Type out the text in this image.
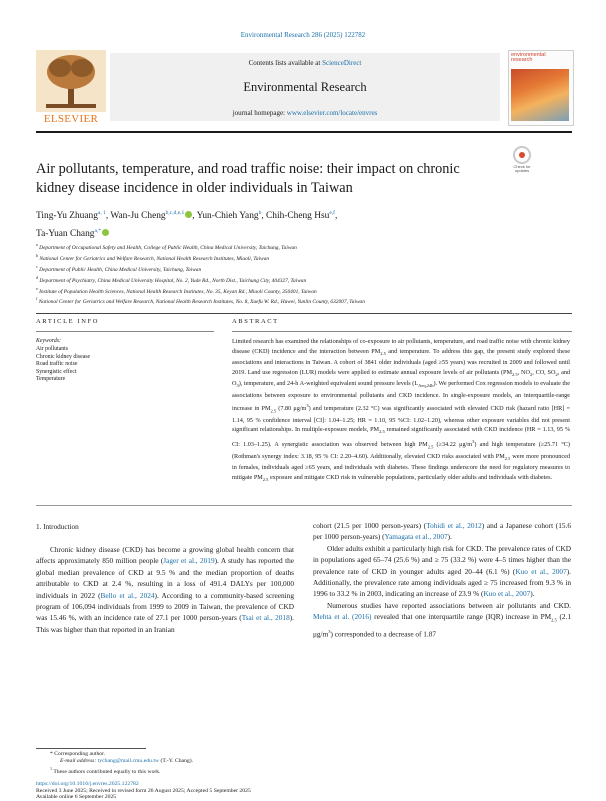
Environmental Research 286 (2025) 122782
ELSEVIER
Contents lists available at ScienceDirect
Environmental Research
journal homepage: www.elsevier.com/locate/envres
environmental
research
Check for updates
Air pollutants, temperature, and road traffic noise: their impact on chronic
kidney disease incidence in older individuals in Taiwan
Ting-Yu Zhuang$^{a, 1}$, Wan-Ju Cheng$^{b,c,d,e,1}$ , Yun-Chieh Yang$^b$, Chih-Cheng Hsu$^{e,f}$,
Ta-Yuan Chang$^{a,*}$
$^a$ Department of Occupational Safety and Health, College of Public Health, China Medical University, Taichung, Taiwan
$^b$ National Center for Geriatrics and Welfare Research, National Health Research Institutes, Miaoli, Taiwan
$^c$ Department of Public Health, China Medical University, Taichung, Taiwan
$^d$ Department of Psychiatry, China Medical University Hospital, No. 2, Yude Rd., North Dist., Taichung City, 404327, Taiwan
$^e$ Institute of Population Health Sciences, National Health Research Institutes, No. 35, Keyan Rd., Miaoli County, 350401, Taiwan
$^f$ National Center for Geriatrics and Welfare Research, National Health Research Institutes, No. 8, Xuefu W. Rd., Huwei, Yunlin County, 632007, Taiwan
ARTICLE INFO	ABSTRACT
Keywords:
Air pollutants
Chronic kidney disease
Road traffic noise
Synergistic effect
Temperature
Limited research has examined the relationships of co-exposure to air pollutants, temperature, and road traffic noise with chronic kidney disease (CKD) incidence and the interaction between $PM_{2.5}$ and temperature. To address this gap, the present study explored these associations and interactions in Taiwan. A cohort of 3841 older individuals (aged ≥55 years) was recruited in 2009 and followed until 2019. Land use regression (LUR) models were applied to estimate annual exposure levels of air pollutants ($PM_{2.5}$, $NO_2$, CO, $SO_2$, and $O_3$), temperature, and 24-h A-weighted equivalent sound pressure levels $(L_{Aeq,24h})$. We performed Cox regression models to evaluate the associations between exposure to environmental pollutants and CKD incidence. In single-exposure models, an interquartile-range increase in $PM_{2.5}$ (7.80 $\mu g/m^3$) and temperature (2.32 °C) was significantly associated with elevated CKD risk (hazard ratio [HR] = 1.14, 95 % confidence interval [CI]: 1.04–1.25; HR = 1.10, 95 %CI: 1.02–1.20), whereas other exposure variables did not present significant relationships. In multiple-exposure models, $PM_{2.5}$ remained significantly associated with CKD incidence (HR = 1.13, 95 % CI: 1.03–1.25). A synergistic association was observed between high $PM_{2.5}$ (≥34.22 $\mu g/m^3$) and high temperature (≥25.71 °C) (Rothman's synergy index: 3.18, 95 % CI: 2.20–4.60). Additionally, elevated CKD risks associated with $PM_{2.5}$ were more pronounced in females, individuals aged ≥65 years, and individuals with diabetes. These findings underscore the need for regulatory measures to mitigate $PM_{2.5}$ exposure and mitigate CKD risk in vulnerable populations, particularly older adults and individuals with diabetes.
1. Introduction
Chronic kidney disease (CKD) has become a growing global health concern that affects approximately 850 million people (Jager et al., 2019). A study has reported the global median prevalence of CKD at 9.5 % and the median proportion of deaths attributable to CKD at 2.4 %, resulting in a loss of 491.4 DALYs per 100,000 individuals in 2022 (Bello et al., 2024). According to a community-based screening program of 106,094 individuals from 1999 to 2009 in Taiwan, the prevalence of CKD was 15.46 %, with an incidence rate of 27.1 per 1000 person-years (Tsai et al., 2018). This was higher than that reported in an Iranian

cohort (21.5 per 1000 person-years) (Tohidi et al., 2012) and a Japanese cohort (15.6 per 1000 person-years) (Yamagata et al., 2007).

Older adults exhibit a particularly high risk for CKD. The prevalence rates of CKD in populations aged 65–74 (25.6 %) and ≥ 75 (33.2 %) were 4–5 times higher than the prevalence rate of CKD in younger adults aged 20–44 (6.1 %) (Kuo et al., 2007). Additionally, the prevalence rate among individuals aged ≥ 75 increased from 9.3 % in 1996 to 33.2 % in 2003, indicating an increase of 23.9 % (Kuo et al., 2007).

Numerous studies have reported associations between air pollutants and CKD. Mehta et al. (2016) revealed that one interquartile range (IQR) increase in $PM_{2.5}$ (2.1 $\mu g/m^3$) corresponded to a decrease of 1.87

* Corresponding author.
E-mail address: tychang@mail.cmu.edu.tw (T.-Y. Chang).
$^1$ These authors contributed equally to this work.
https://doi.org/10.1016/j.envres.2025.122782
Received 3 June 2025; Received in revised form 26 August 2025; Accepted 5 September 2025
Available online 6 September 2025
